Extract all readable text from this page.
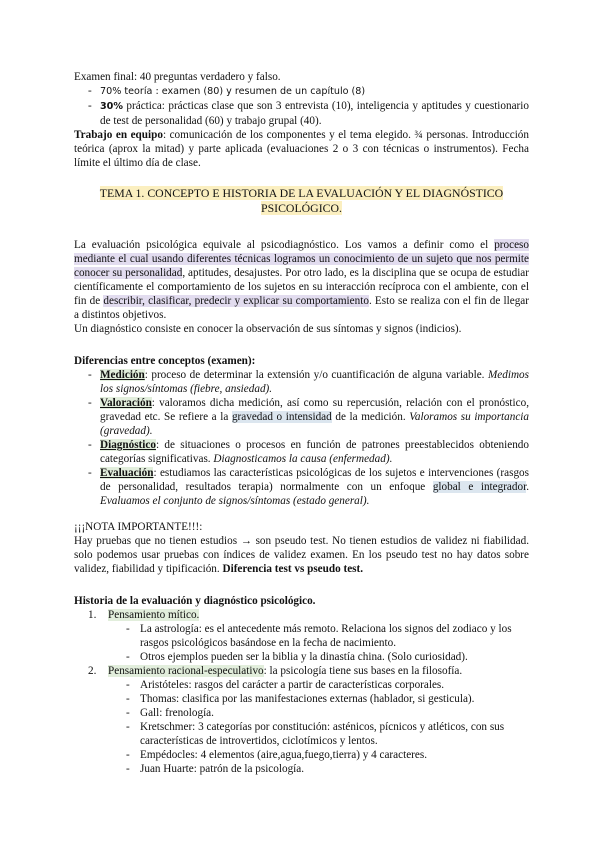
Examen final: 40 preguntas verdadero y falso.

- 70% teoría : examen (80) y resumen de un capítulo (8)
- 30% práctica: prácticas clase que son 3 entrevista (10), inteligencia y aptitudes y cuestionario de test de personalidad (60) y trabajo grupal (40).

Trabajo en equipo: comunicación de los componentes y el tema elegido. ¾ personas. Introducción teórica (aprox la mitad) y parte aplicada (evaluaciones 2 o 3 con técnicas o instrumentos). Fecha límite el último día de clase.

TEMA 1. CONCEPTO E HISTORIA DE LA EVALUACIÓN Y EL DIAGNÓSTICO PSICOLÓGICO.

La evaluación psicológica equivale al psicodiagnóstico. Los vamos a definir como el proceso mediante el cual usando diferentes técnicas logramos un conocimiento de un sujeto que nos permite conocer su personalidad, aptitudes, desajustes. Por otro lado, es la disciplina que se ocupa de estudiar científicamente el comportamiento de los sujetos en su interacción recíproca con el ambiente, con el fin de describir, clasificar, predecir y explicar su comportamiento. Esto se realiza con el fin de llegar a distintos objetivos.

Un diagnóstico consiste en conocer la observación de sus síntomas y signos (indicios).

Diferencias entre conceptos (examen):

- Medición: proceso de determinar la extensión y/o cuantificación de alguna variable. Medimos los signos/síntomas (fiebre, ansiedad).
- Valoración: valoramos dicha medición, así como su repercusión, relación con el pronóstico, gravedad etc. Se refiere a la gravedad o intensidad de la medición. Valoramos su importancia (gravedad).
- Diagnóstico: de situaciones o procesos en función de patrones preestablecidos obteniendo categorías significativas. Diagnosticamos la causa (enfermedad).
- Evaluación: estudiamos las características psicológicas de los sujetos e intervenciones (rasgos de personalidad, resultados terapia) normalmente con un enfoque global e integrador. Evaluamos el conjunto de signos/síntomas (estado general).

¡¡¡NOTA IMPORTANTE!!!:

Hay pruebas que no tienen estudios → son pseudo test. No tienen estudios de validez ni fiabilidad. solo podemos usar pruebas con índices de validez examen. En los pseudo test no hay datos sobre validez, fiabilidad y tipificación. Diferencia test vs pseudo test.

Historia de la evaluación y diagnóstico psicológico.

1.	Pensamiento mítico.
- La astrología: es el antecedente más remoto. Relaciona los signos del zodiaco y los rasgos psicológicos basándose en la fecha de nacimiento.
- Otros ejemplos pueden ser la biblia y la dinastía china. (Solo curiosidad).
2.	Pensamiento racional-especulativo: la psicología tiene sus bases en la filosofía.
- Aristóteles: rasgos del carácter a partir de características corporales.
- Thomas: clasifica por las manifestaciones externas (hablador, si gesticula).
- Gall: frenología.
- Kretschmer: 3 categorías por constitución: asténicos, pícnicos y atléticos, con sus características de introvertidos, ciclotímicos y lentos.
- Empédocles: 4 elementos (aire,agua,fuego,tierra) y 4 caracteres.
- Juan Huarte: patrón de la psicología.
